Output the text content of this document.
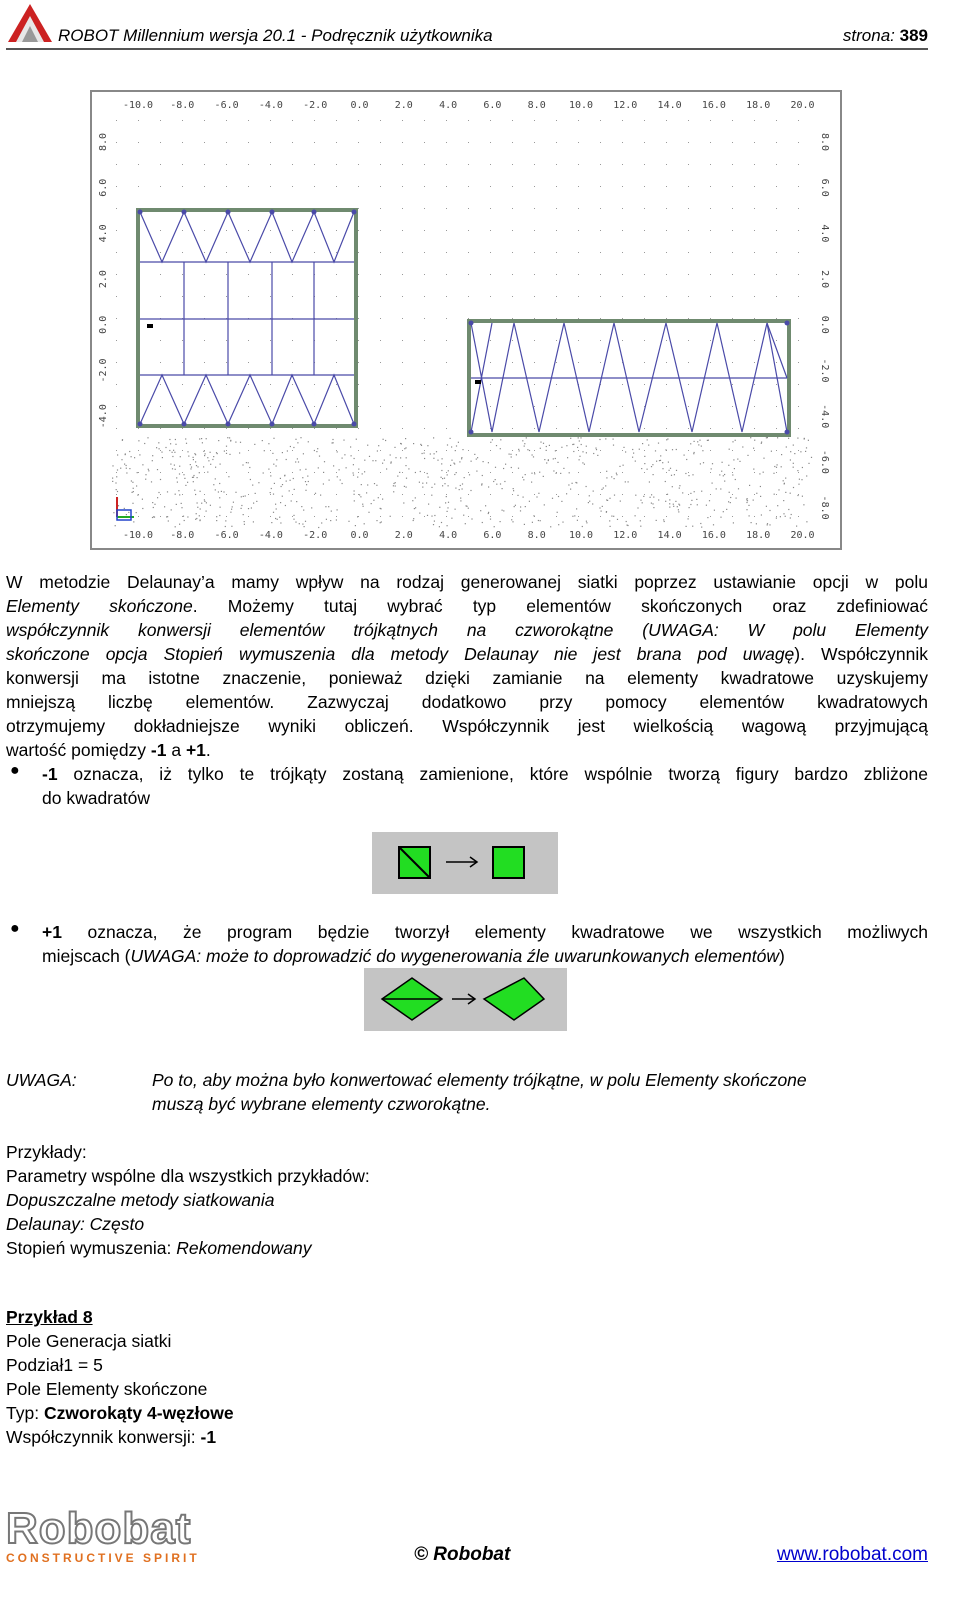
ROBOT Millennium wersja 20.1 - Podręcznik użytkownika	strona: 389
-10.0 -8.0 -6.0 -4.0 -2.0 0.0	2.0	4.0	6.0	8.0 10.0 12.0 14.0 16.0 18.0 20.0
-10.0 -8.0 -6.0 -4.0 -2.0 0.0	2.0	4.0	6.0	8.0 10.0 12.0 14.0 16.0 18.0 20.0
8.0
6.0
4.0
2.0
0.0
-2.0
-4.0
8.0
6.0
4.0
2.0
0.0
-2.0
-4.0
-6.0
-8.0
W metodzie Delaunay’a mamy wpływ na rodzaj generowanej siatki poprzez ustawianie opcji w polu
Elementy skończone. Możemy tutaj wybrać typ elementów skończonych oraz zdefiniować
współczynnik konwersji elementów trójkątnych na czworokątne (UWAGA: W polu Elementy
skończone opcja Stopień wymuszenia dla metody Delaunay nie jest brana pod uwagę). Współczynnik
konwersji ma istotne znaczenie, ponieważ dzięki zamianie na elementy kwadratowe uzyskujemy
mniejszą liczbę elementów. Zazwyczaj dodatkowo przy pomocy elementów kwadratowych
otrzymujemy dokładniejsze wyniki obliczeń. Współczynnik jest wielkością wagową przyjmującą
wartość pomiędzy -1 a +1.
● -1 oznacza, iż tylko te trójkąty zostaną zamienione, które wspólnie tworzą figury bardzo zbliżone
do kwadratów
● +1 oznacza, że program będzie tworzył elementy kwadratowe we wszystkich możliwych
miejscach (UWAGA: może to doprowadzić do wygenerowania źle uwarunkowanych elementów)
UWAGA:	Po to, aby można było konwertować elementy trójkątne, w polu Elementy skończone
muszą być wybrane elementy czworokątne.
Przykłady:
Parametry wspólne dla wszystkich przykładów:
Dopuszczalne metody siatkowania
Delaunay: Często
Stopień wymuszenia: Rekomendowany
Przykład 8
Pole Generacja siatki
Podział1 = 5
Pole Elementy skończone
Typ: Czworokąty 4-węzłowe
Współczynnik konwersji: -1
Robobat
CONSTRUCTIVE SPIRIT	© Robobat	www.robobat.com
